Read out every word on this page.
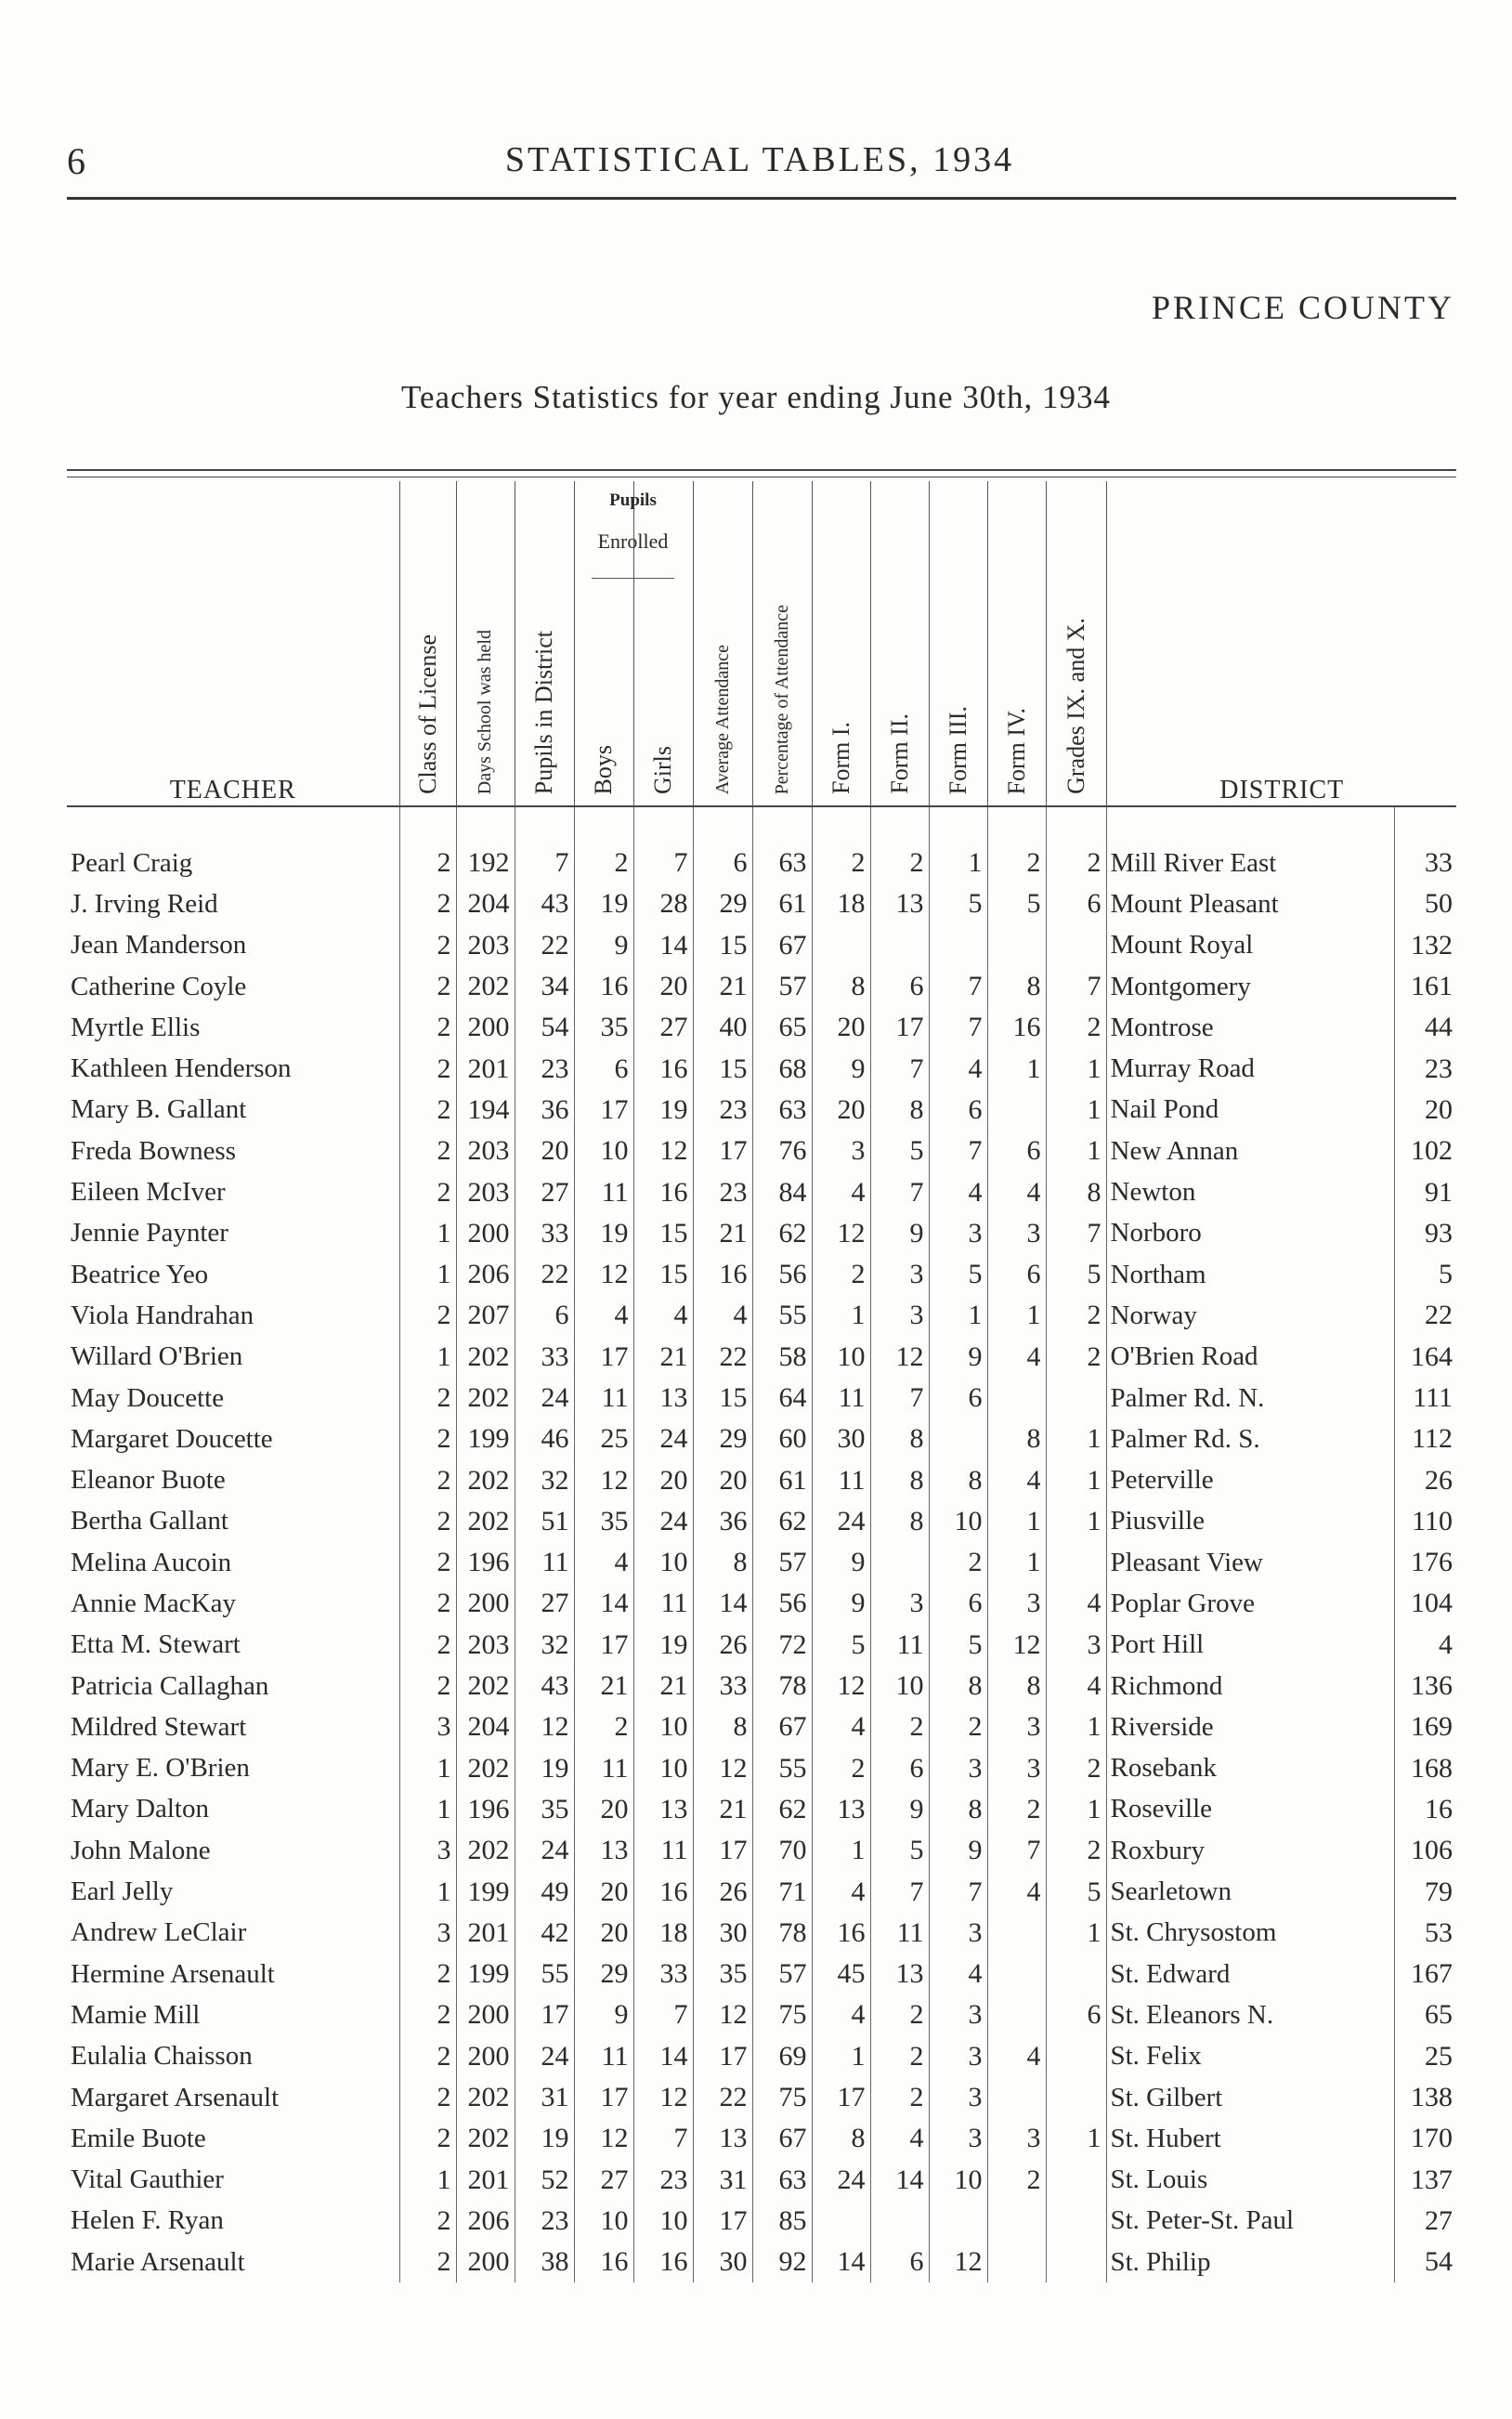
6	STATISTICAL TABLES, 1934
PRINCE COUNTY
Teachers Statistics for year ending June 30th, 1934
TEACHER	Class of License	Days School was held	Pupils in District	Pupils
Enrolled
Boys	Girls	Average Attendance	Percentage of Attendance	Form I.	Form II.	Form III.	Form IV.	Grades IX. and X.	DISTRICT	
Pearl Craig	2	192	7	2	7	6	63	2	2	1	2	2	Mill River East	33
J. Irving Reid	2	204	43	19	28	29	61	18	13	5	5	6	Mount Pleasant	50
Jean Manderson	2	203	22	9	14	15	67						Mount Royal	132
Catherine Coyle	2	202	34	16	20	21	57	8	6	7	8	7	Montgomery	161
Myrtle Ellis	2	200	54	35	27	40	65	20	17	7	16	2	Montrose	44
Kathleen Henderson	2	201	23	6	16	15	68	9	7	4	1	1	Murray Road	23
Mary B. Gallant	2	194	36	17	19	23	63	20	8	6		1	Nail Pond	20
Freda Bowness	2	203	20	10	12	17	76	3	5	7	6	1	New Annan	102
Eileen McIver	2	203	27	11	16	23	84	4	7	4	4	8	Newton	91
Jennie Paynter	1	200	33	19	15	21	62	12	9	3	3	7	Norboro	93
Beatrice Yeo	1	206	22	12	15	16	56	2	3	5	6	5	Northam	5
Viola Handrahan	2	207	6	4	4	4	55	1	3	1	1	2	Norway	22
Willard O'Brien	1	202	33	17	21	22	58	10	12	9	4	2	O'Brien Road	164
May Doucette	2	202	24	11	13	15	64	11	7	6			Palmer Rd. N.	111
Margaret Doucette	2	199	46	25	24	29	60	30	8		8	1	Palmer Rd. S.	112
Eleanor Buote	2	202	32	12	20	20	61	11	8	8	4	1	Peterville	26
Bertha Gallant	2	202	51	35	24	36	62	24	8	10	1	1	Piusville	110
Melina Aucoin	2	196	11	4	10	8	57	9		2	1		Pleasant View	176
Annie MacKay	2	200	27	14	11	14	56	9	3	6	3	4	Poplar Grove	104
Etta M. Stewart	2	203	32	17	19	26	72	5	11	5	12	3	Port Hill	4
Patricia Callaghan	2	202	43	21	21	33	78	12	10	8	8	4	Richmond	136
Mildred Stewart	3	204	12	2	10	8	67	4	2	2	3	1	Riverside	169
Mary E. O'Brien	1	202	19	11	10	12	55	2	6	3	3	2	Rosebank	168
Mary Dalton	1	196	35	20	13	21	62	13	9	8	2	1	Roseville	16
John Malone	3	202	24	13	11	17	70	1	5	9	7	2	Roxbury	106
Earl Jelly	1	199	49	20	16	26	71	4	7	7	4	5	Searletown	79
Andrew LeClair	3	201	42	20	18	30	78	16	11	3		1	St. Chrysostom	53
Hermine Arsenault	2	199	55	29	33	35	57	45	13	4			St. Edward	167
Mamie Mill	2	200	17	9	7	12	75	4	2	3		6	St. Eleanors N.	65
Eulalia Chaisson	2	200	24	11	14	17	69	1	2	3	4		St. Felix	25
Margaret Arsenault	2	202	31	17	12	22	75	17	2	3			St. Gilbert	138
Emile Buote	2	202	19	12	7	13	67	8	4	3	3	1	St. Hubert	170
Vital Gauthier	1	201	52	27	23	31	63	24	14	10	2		St. Louis	137
Helen F. Ryan	2	206	23	10	10	17	85						St. Peter-St. Paul	27
Marie Arsenault	2	200	38	16	16	30	92	14	6	12			St. Philip	54
